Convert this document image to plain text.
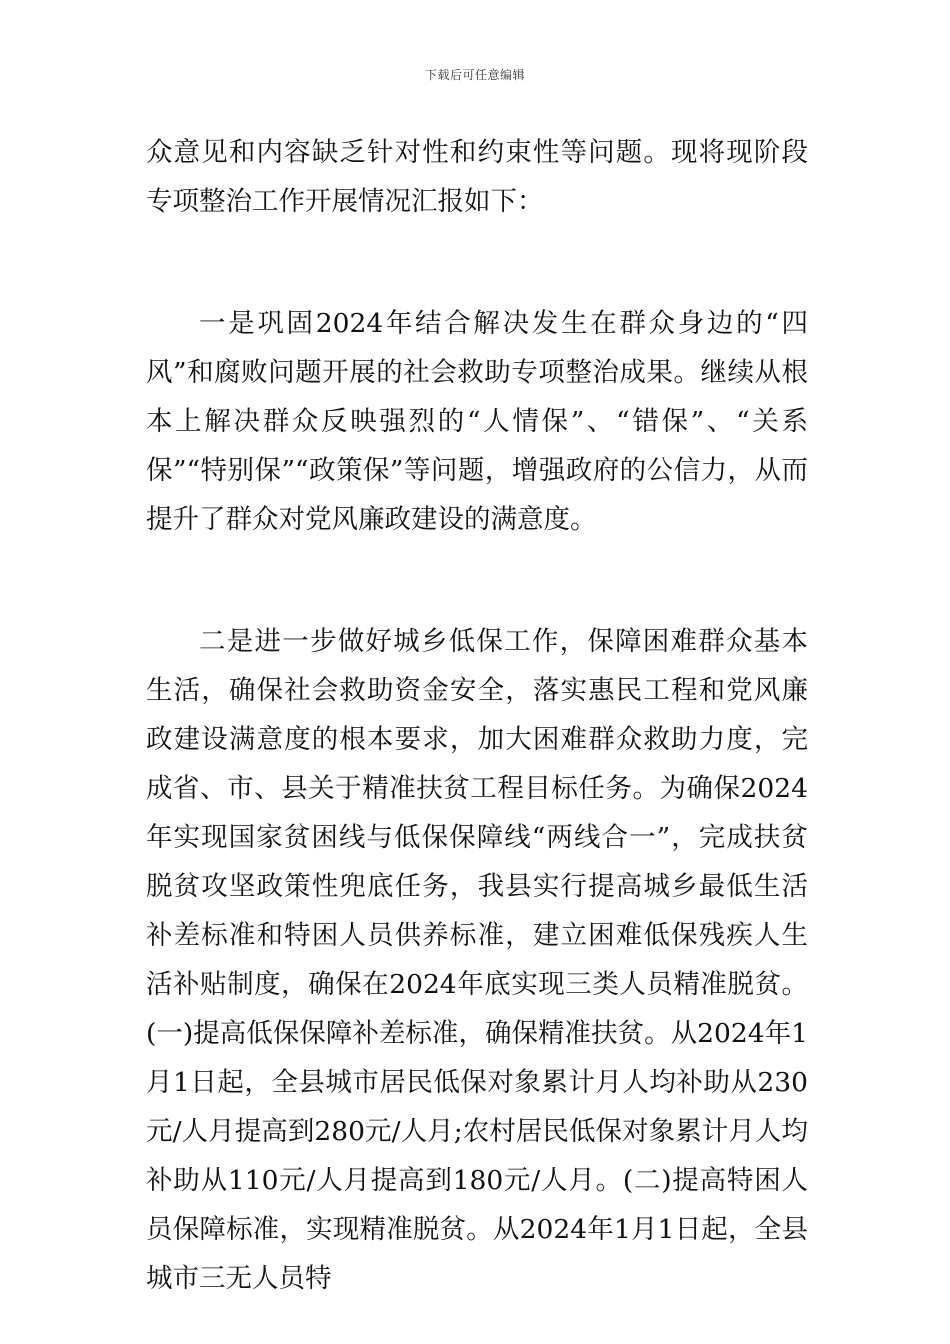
下载后可任意编辑

众意见和内容缺乏针对性和约束性等问题。现将现阶段专项整治工作开展情况汇报如下：

一是巩固2024年结合解决发生在群众身边的“四风”和腐败问题开展的社会救助专项整治成果。继续从根本上解决群众反映强烈的“人情保”、“错保”、“关系保”“特别保”“政策保”等问题，增强政府的公信力，从而提升了群众对党风廉政建设的满意度。

二是进一步做好城乡低保工作，保障困难群众基本生活，确保社会救助资金安全，落实惠民工程和党风廉政建设满意度的根本要求，加大困难群众救助力度，完成省、市、县关于精准扶贫工程目标任务。为确保2024年实现国家贫困线与低保保障线“两线合一”，完成扶贫脱贫攻坚政策性兜底任务，我县实行提高城乡最低生活补差标准和特困人员供养标准，建立困难低保残疾人生活补贴制度，确保在2024年底实现三类人员精准脱贫。(一)提高低保保障补差标准，确保精准扶贫。从2024年1月1日起，全县城市居民低保对象累计月人均补助从230元/人月提高到280元/人月;农村居民低保对象累计月人均补助从110元/人月提高到180元/人月。(二)提高特困人员保障标准，实现精准脱贫。从2024年1月1日起，全县城市三无人员特
